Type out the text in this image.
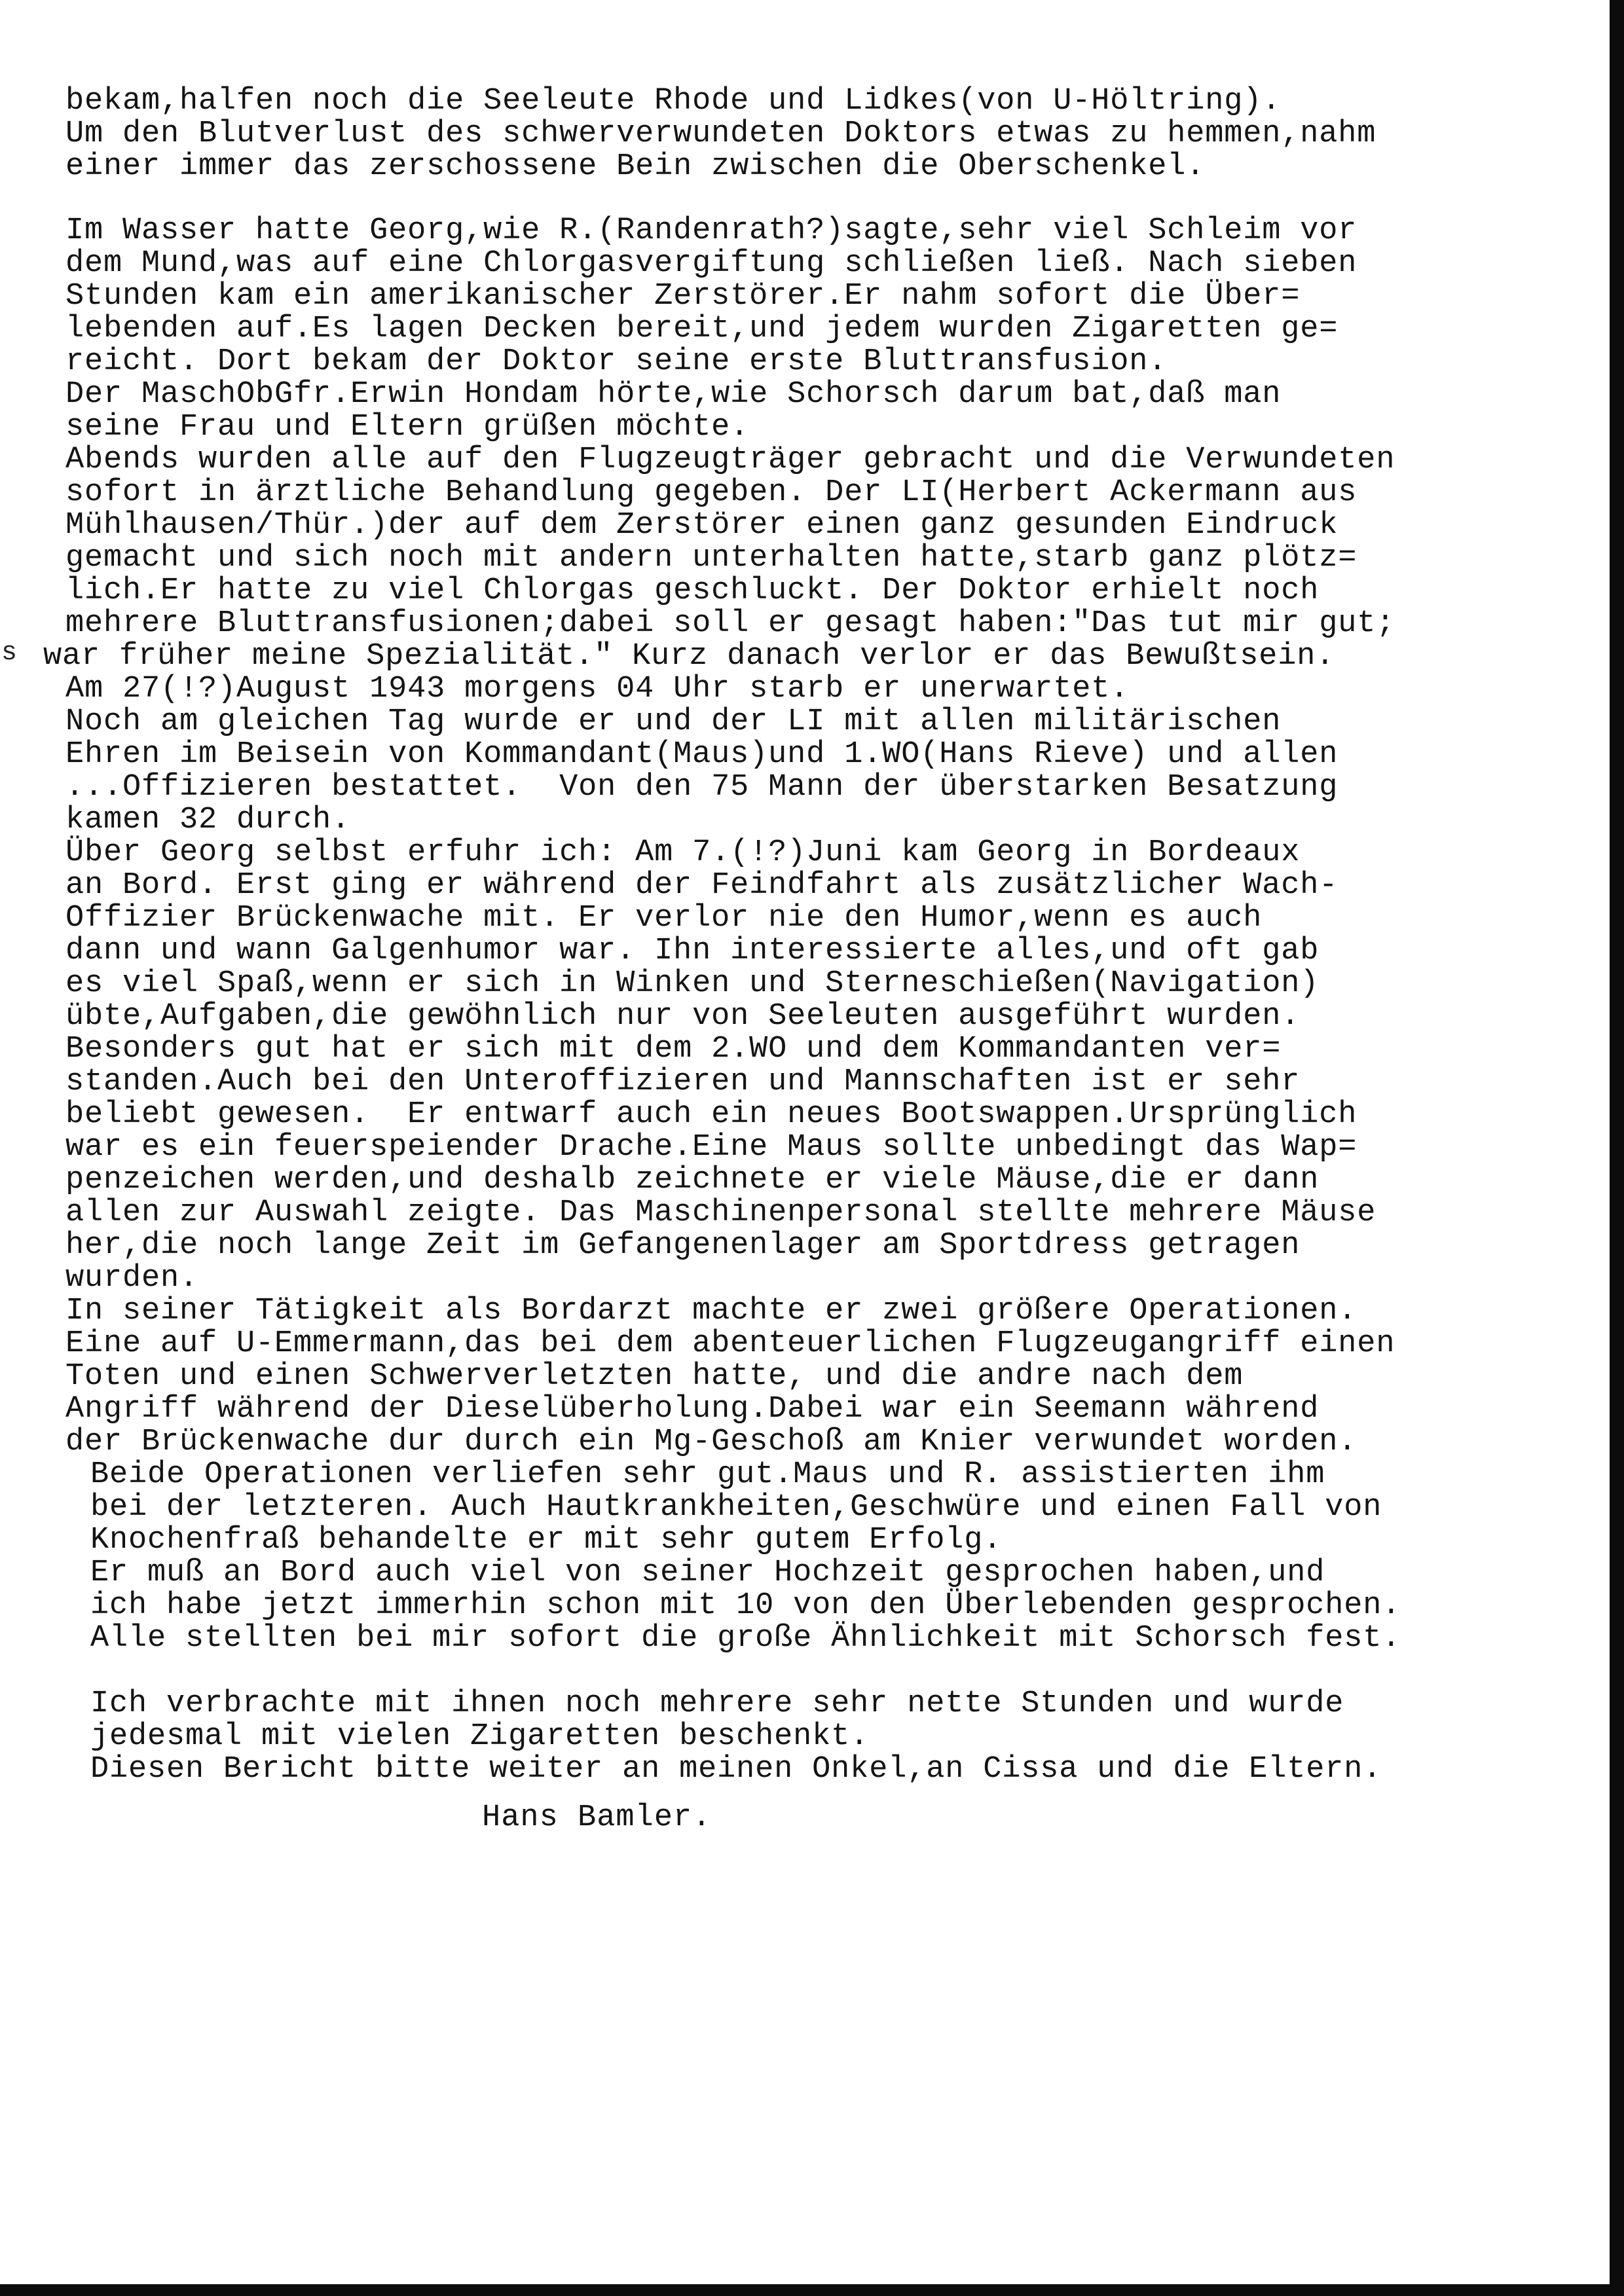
bekam,halfen noch die Seeleute Rhode und Lidkes(von U-Höltring).
Um den Blutverlust des schwerverwundeten Doktors etwas zu hemmen,nahm
einer immer das zerschossene Bein zwischen die Oberschenkel.
Im Wasser hatte Georg,wie R.(Randenrath?)sagte,sehr viel Schleim vor
dem Mund,was auf eine Chlorgasvergiftung schließen ließ. Nach sieben
Stunden kam ein amerikanischer Zerstörer.Er nahm sofort die Über=
lebenden auf.Es lagen Decken bereit,und jedem wurden Zigaretten ge=
reicht. Dort bekam der Doktor seine erste Bluttransfusion.
Der MaschObGfr.Erwin Hondam hörte,wie Schorsch darum bat,daß man
seine Frau und Eltern grüßen möchte.
Abends wurden alle auf den Flugzeugträger gebracht und die Verwundeten
sofort in ärztliche Behandlung gegeben. Der LI(Herbert Ackermann aus
Mühlhausen/Thür.)der auf dem Zerstörer einen ganz gesunden Eindruck
gemacht und sich noch mit andern unterhalten hatte,starb ganz plötz=
lich.Er hatte zu viel Chlorgas geschluckt. Der Doktor erhielt noch
mehrere Bluttransfusionen;dabei soll er gesagt haben:"Das tut mir gut;
s war früher meine Spezialität." Kurz danach verlor er das Bewußtsein.
Am 27(!?)August 1943 morgens 04 Uhr starb er unerwartet.
Noch am gleichen Tag wurde er und der LI mit allen militärischen
Ehren im Beisein von Kommandant(Maus)und 1.WO(Hans Rieve) und allen
...Offizieren bestattet.  Von den 75 Mann der überstarken Besatzung
kamen 32 durch.
Über Georg selbst erfuhr ich: Am 7.(!?)Juni kam Georg in Bordeaux
an Bord. Erst ging er während der Feindfahrt als zusätzlicher Wach-
Offizier Brückenwache mit. Er verlor nie den Humor,wenn es auch
dann und wann Galgenhumor war. Ihn interessierte alles,und oft gab
es viel Spaß,wenn er sich in Winken und Sterneschießen(Navigation)
übte,Aufgaben,die gewöhnlich nur von Seeleuten ausgeführt wurden.
Besonders gut hat er sich mit dem 2.WO und dem Kommandanten ver=
standen.Auch bei den Unteroffizieren und Mannschaften ist er sehr
beliebt gewesen.  Er entwarf auch ein neues Bootswappen.Ursprünglich
war es ein feuerspeiender Drache.Eine Maus sollte unbedingt das Wap=
penzeichen werden,und deshalb zeichnete er viele Mäuse,die er dann
allen zur Auswahl zeigte. Das Maschinenpersonal stellte mehrere Mäuse
her,die noch lange Zeit im Gefangenenlager am Sportdress getragen
wurden.
In seiner Tätigkeit als Bordarzt machte er zwei größere Operationen.
Eine auf U-Emmermann,das bei dem abenteuerlichen Flugzeugangriff einen
Toten und einen Schwerverletzten hatte, und die andre nach dem
Angriff während der Dieselüberholung.Dabei war ein Seemann während
der Brückenwache dur durch ein Mg-Geschoß am Knier verwundet worden.
Beide Operationen verliefen sehr gut.Maus und R. assistierten ihm
bei der letzteren. Auch Hautkrankheiten,Geschwüre und einen Fall von
Knochenfraß behandelte er mit sehr gutem Erfolg.
Er muß an Bord auch viel von seiner Hochzeit gesprochen haben,und
ich habe jetzt immerhin schon mit 10 von den Überlebenden gesprochen.
Alle stellten bei mir sofort die große Ähnlichkeit mit Schorsch fest.
Ich verbrachte mit ihnen noch mehrere sehr nette Stunden und wurde
jedesmal mit vielen Zigaretten beschenkt.
Diesen Bericht bitte weiter an meinen Onkel,an Cissa und die Eltern.
Hans Bamler.
